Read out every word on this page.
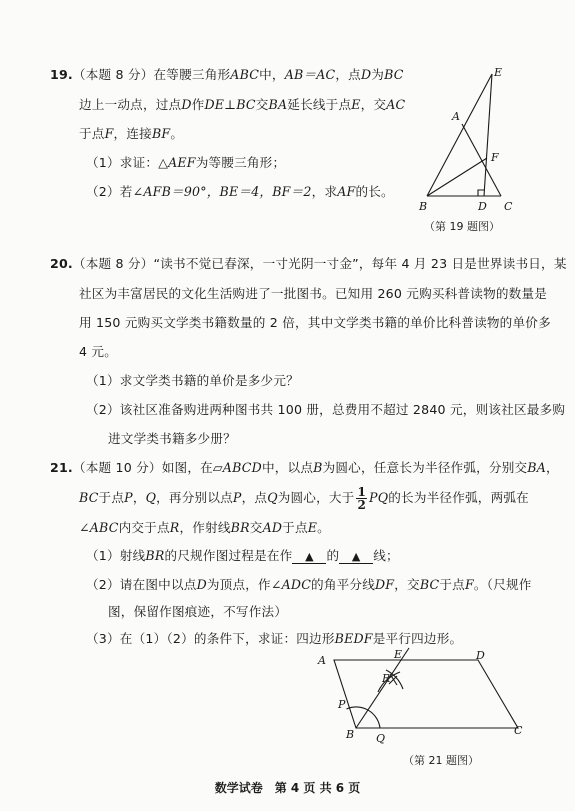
19.（本题 8 分）在等腰三角形ABC中，AB＝AC，点D为BC
边上一动点，过点D作DE⊥BC交BA延长线于点E，交AC
于点F，连接BF。
（1）求证：△AEF为等腰三角形；
（2）若∠AFB＝90°，BE＝4，BF＝2，求AF的长。
E
A
F
B	D C
（第 19 题图）
20.（本题 8 分）“读书不觉已春深，一寸光阴一寸金”，每年 4 月 23 日是世界读书日，某
社区为丰富居民的文化生活购进了一批图书。已知用 260 元购买科普读物的数量是
用 150 元购买文学类书籍数量的 2 倍，其中文学类书籍的单价比科普读物的单价多
4 元。
（1）求文学类书籍的单价是多少元？
（2）该社区准备购进两种图书共 100 册，总费用不超过 2840 元，则该社区最多购
进文学类书籍多少册？
21.（本题 10 分）如图，在▱ABCD中，以点B为圆心，任意长为半径作弧，分别交BA，
BC于点P，Q，再分别以点P，点Q为圆心，大于 $\frac{1}{2}$ PQ的长为半径作弧，两弧在
∠ABC内交于点R，作射线BR交AD于点E。
（1）射线BR的尺规作图过程是在作 ▲ 的 ▲ 线；
（2）请在图中以点D为顶点，作∠ADC的角平分线DF，交BC于点F。（尺规作
图，保留作图痕迹，不写作法）
（3）在（1）（2）的条件下，求证：四边形BEDF是平行四边形。
A	E	D
R
P
B Q
C
（第 21 题图）
数学试卷　第 4 页 共 6 页
